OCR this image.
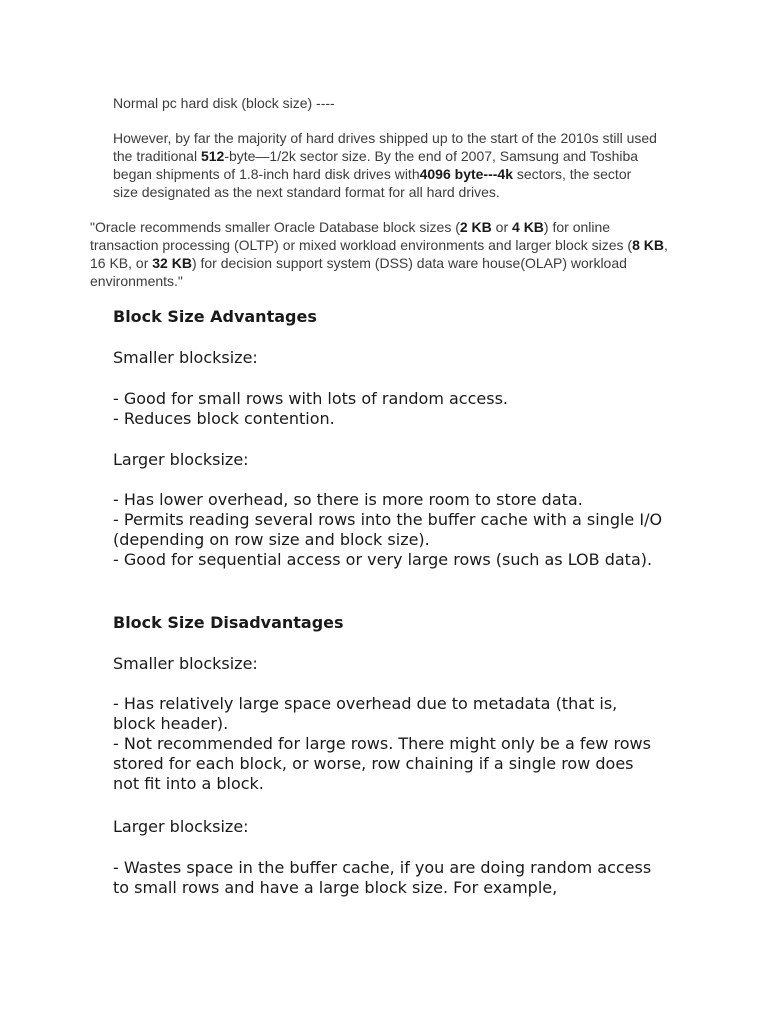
Normal pc hard disk (block size) ----

However, by far the majority of hard drives shipped up to the start of the 2010s still used the traditional 512-byte—1/2k sector size. By the end of 2007, Samsung and Toshiba began shipments of 1.8-inch hard disk drives with4096 byte---4k sectors, the sector size designated as the next standard format for all hard drives.

"Oracle recommends smaller Oracle Database block sizes (2 KB or 4 KB) for online transaction processing (OLTP) or mixed workload environments and larger block sizes (8 KB, 16 KB, or 32 KB) for decision support system (DSS) data ware house(OLAP) workload environments."

Block Size Advantages

Smaller blocksize:

- Good for small rows with lots of random access.

- Reduces block contention.

Larger blocksize:

- Has lower overhead, so there is more room to store data.

- Permits reading several rows into the buffer cache with a single I/O (depending on row size and block size).

- Good for sequential access or very large rows (such as LOB data).

Block Size Disadvantages

Smaller blocksize:

- Has relatively large space overhead due to metadata (that is, block header).

- Not recommended for large rows. There might only be a few rows stored for each block, or worse, row chaining if a single row does not fit into a block.

Larger blocksize:

- Wastes space in the buffer cache, if you are doing random access to small rows and have a large block size. For example,
